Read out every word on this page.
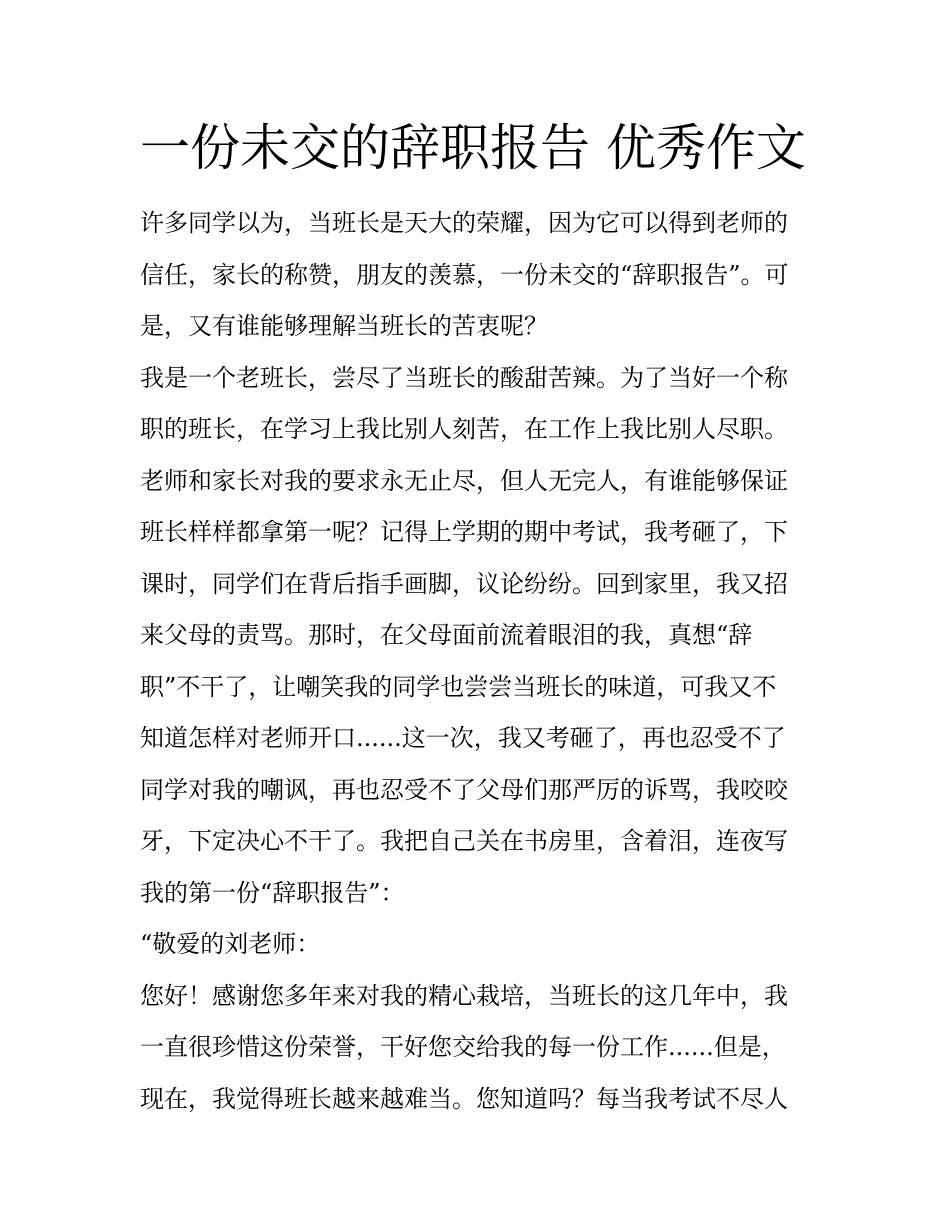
一份未交的辞职报告 优秀作文
许多同学以为，当班长是天大的荣耀，因为它可以得到老师的
信任，家长的称赞，朋友的羡慕，一份未交的“辞职报告”。可
是，又有谁能够理解当班长的苦衷呢？
我是一个老班长，尝尽了当班长的酸甜苦辣。为了当好一个称
职的班长，在学习上我比别人刻苦，在工作上我比别人尽职。
老师和家长对我的要求永无止尽，但人无完人，有谁能够保证
班长样样都拿第一呢？记得上学期的期中考试，我考砸了，下
课时，同学们在背后指手画脚，议论纷纷。回到家里，我又招
来父母的责骂。那时，在父母面前流着眼泪的我，真想“辞
职”不干了，让嘲笑我的同学也尝尝当班长的味道，可我又不
知道怎样对老师开口......这一次，我又考砸了，再也忍受不了
同学对我的嘲讽，再也忍受不了父母们那严厉的诉骂，我咬咬
牙，下定决心不干了。我把自己关在书房里，含着泪，连夜写
我的第一份“辞职报告”：
“敬爱的刘老师：
您好！感谢您多年来对我的精心栽培，当班长的这几年中，我
一直很珍惜这份荣誉，干好您交给我的每一份工作......但是，
现在，我觉得班长越来越难当。您知道吗？每当我考试不尽人
